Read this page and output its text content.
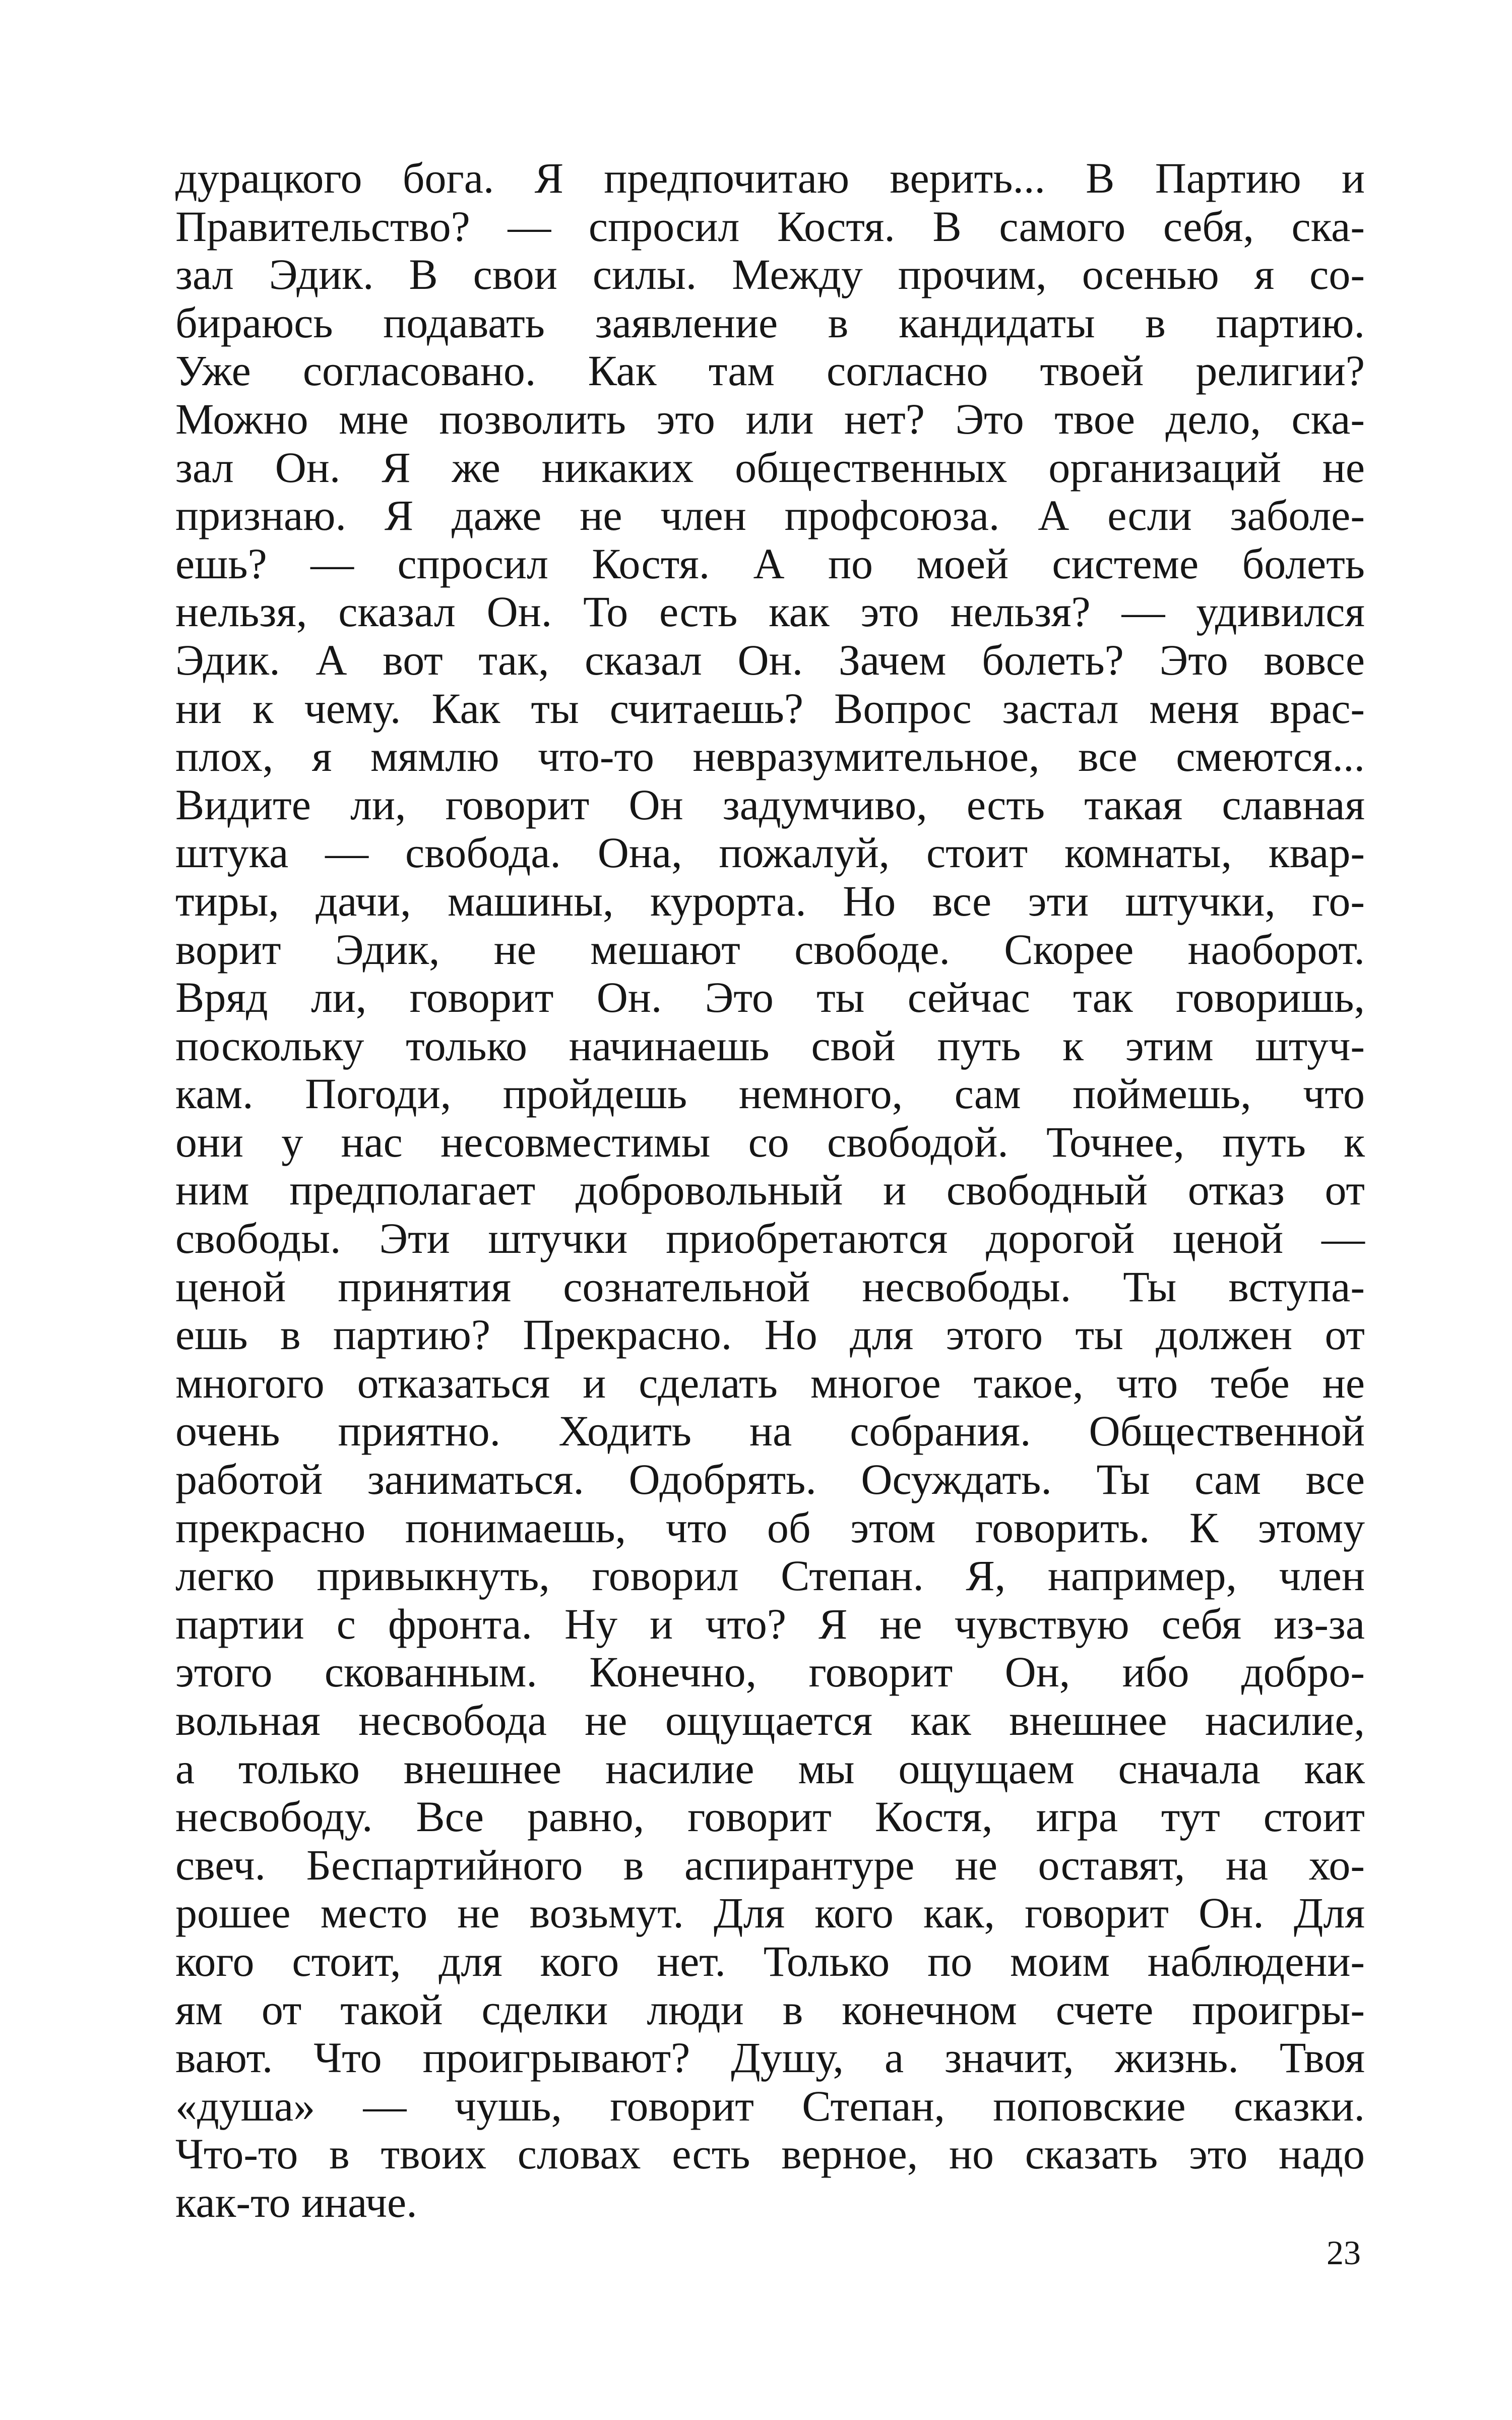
дурацкого бога. Я предпочитаю верить... В Партию и
Правительство? — спросил Костя. В самого себя, ска-
зал Эдик. В свои силы. Между прочим, осенью я со-
бираюсь подавать заявление в кандидаты в партию.
Уже согласовано. Как там согласно твоей религии?
Можно мне позволить это или нет? Это твое дело, ска-
зал Он. Я же никаких общественных организаций не
признаю. Я даже не член профсоюза. А если заболе-
ешь? — спросил Костя. А по моей системе болеть
нельзя, сказал Он. То есть как это нельзя? — удивился
Эдик. А вот так, сказал Он. Зачем болеть? Это вовсе
ни к чему. Как ты считаешь? Вопрос застал меня врас-
плох, я мямлю что-то невразумительное, все смеются...
Видите ли, говорит Он задумчиво, есть такая славная
штука — свобода. Она, пожалуй, стоит комнаты, квар-
тиры, дачи, машины, курорта. Но все эти штучки, го-
ворит Эдик, не мешают свободе. Скорее наоборот.
Вряд ли, говорит Он. Это ты сейчас так говоришь,
поскольку только начинаешь свой путь к этим штуч-
кам. Погоди, пройдешь немного, сам поймешь, что
они у нас несовместимы со свободой. Точнее, путь к
ним предполагает добровольный и свободный отказ от
свободы. Эти штучки приобретаются дорогой ценой —
ценой принятия сознательной несвободы. Ты вступа-
ешь в партию? Прекрасно. Но для этого ты должен от
многого отказаться и сделать многое такое, что тебе не
очень приятно. Ходить на собрания. Общественной
работой заниматься. Одобрять. Осуждать. Ты сам все
прекрасно понимаешь, что об этом говорить. К этому
легко привыкнуть, говорил Степан. Я, например, член
партии с фронта. Ну и что? Я не чувствую себя из-за
этого скованным. Конечно, говорит Он, ибо добро-
вольная несвобода не ощущается как внешнее насилие,
а только внешнее насилие мы ощущаем сначала как
несвободу. Все равно, говорит Костя, игра тут стоит
свеч. Беспартийного в аспирантуре не оставят, на хо-
рошее место не возьмут. Для кого как, говорит Он. Для
кого стоит, для кого нет. Только по моим наблюдени-
ям от такой сделки люди в конечном счете проигры-
вают. Что проигрывают? Душу, а значит, жизнь. Твоя
«душа» — чушь, говорит Степан, поповские сказки.
Что-то в твоих словах есть верное, но сказать это надо
как-то иначе.
23
